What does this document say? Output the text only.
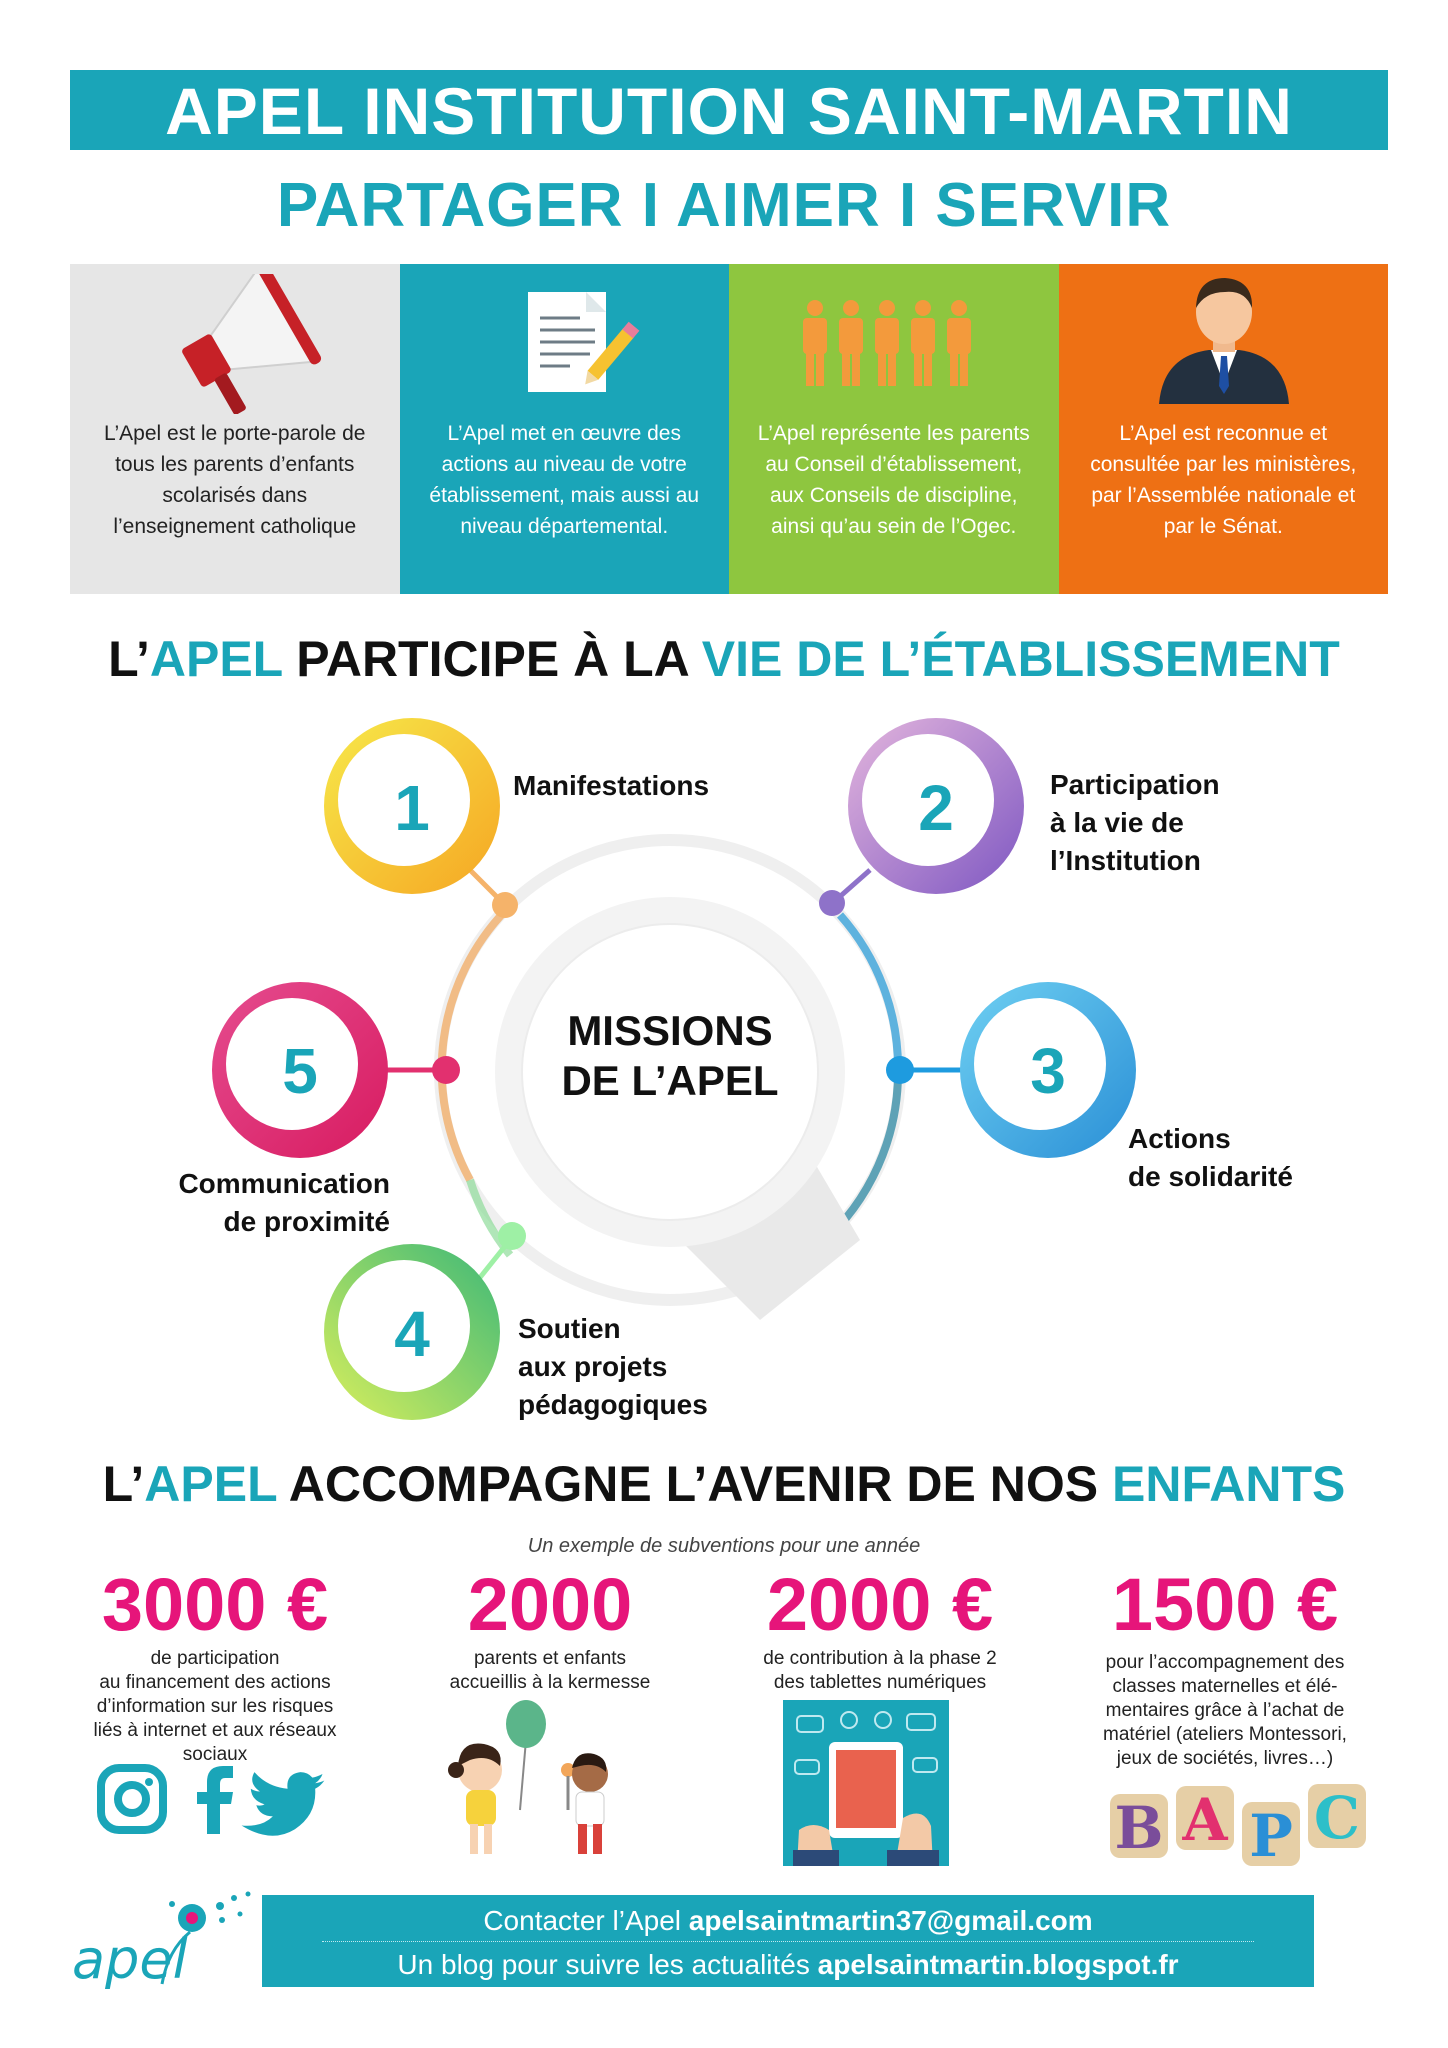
APEL INSTITUTION SAINT-MARTIN
PARTAGER I AIMER I SERVIR
L’Apel est le porte-parole de tous les parents d’enfants scolarisés dans l’enseignement catholique
L’Apel met en œuvre des actions au niveau de votre établissement, mais aussi au niveau départemental.
L’Apel représente les parents au Conseil d’établissement, aux Conseils de discipline, ainsi qu’au sein de l’Ogec.
L’Apel est reconnue et consultée par les ministères, par l’Assemblée nationale et par le Sénat.
L’APEL PARTICIPE À LA VIE DE L’ÉTABLISSEMENT
MISSIONS
DE L’APEL
1	2
3
4
5
Manifestations	Participation
à la vie de
l’Institution
Actions
de solidarité
Soutien
aux projets
pédagogiques
Communication
de proximité
L’APEL ACCOMPAGNE L’AVENIR DE NOS ENFANTS
Un exemple de subventions pour une année
3000 €
de participation
au financement des actions
d’information sur les risques
liés à internet et aux réseaux
sociaux
2000
parents et enfants
accueillis à la kermesse
2000 €
de contribution à la phase 2
des tablettes numériques
1500 €
pour l’accompagnement des
classes maternelles et élé-
mentaires grâce à l’achat de
matériel (ateliers Montessori,
jeux de sociétés, livres…)
B A P C
apel
Contacter l’Apel apelsaintmartin37@gmail.com
Un blog pour suivre les actualités apelsaintmartin.blogspot.fr
